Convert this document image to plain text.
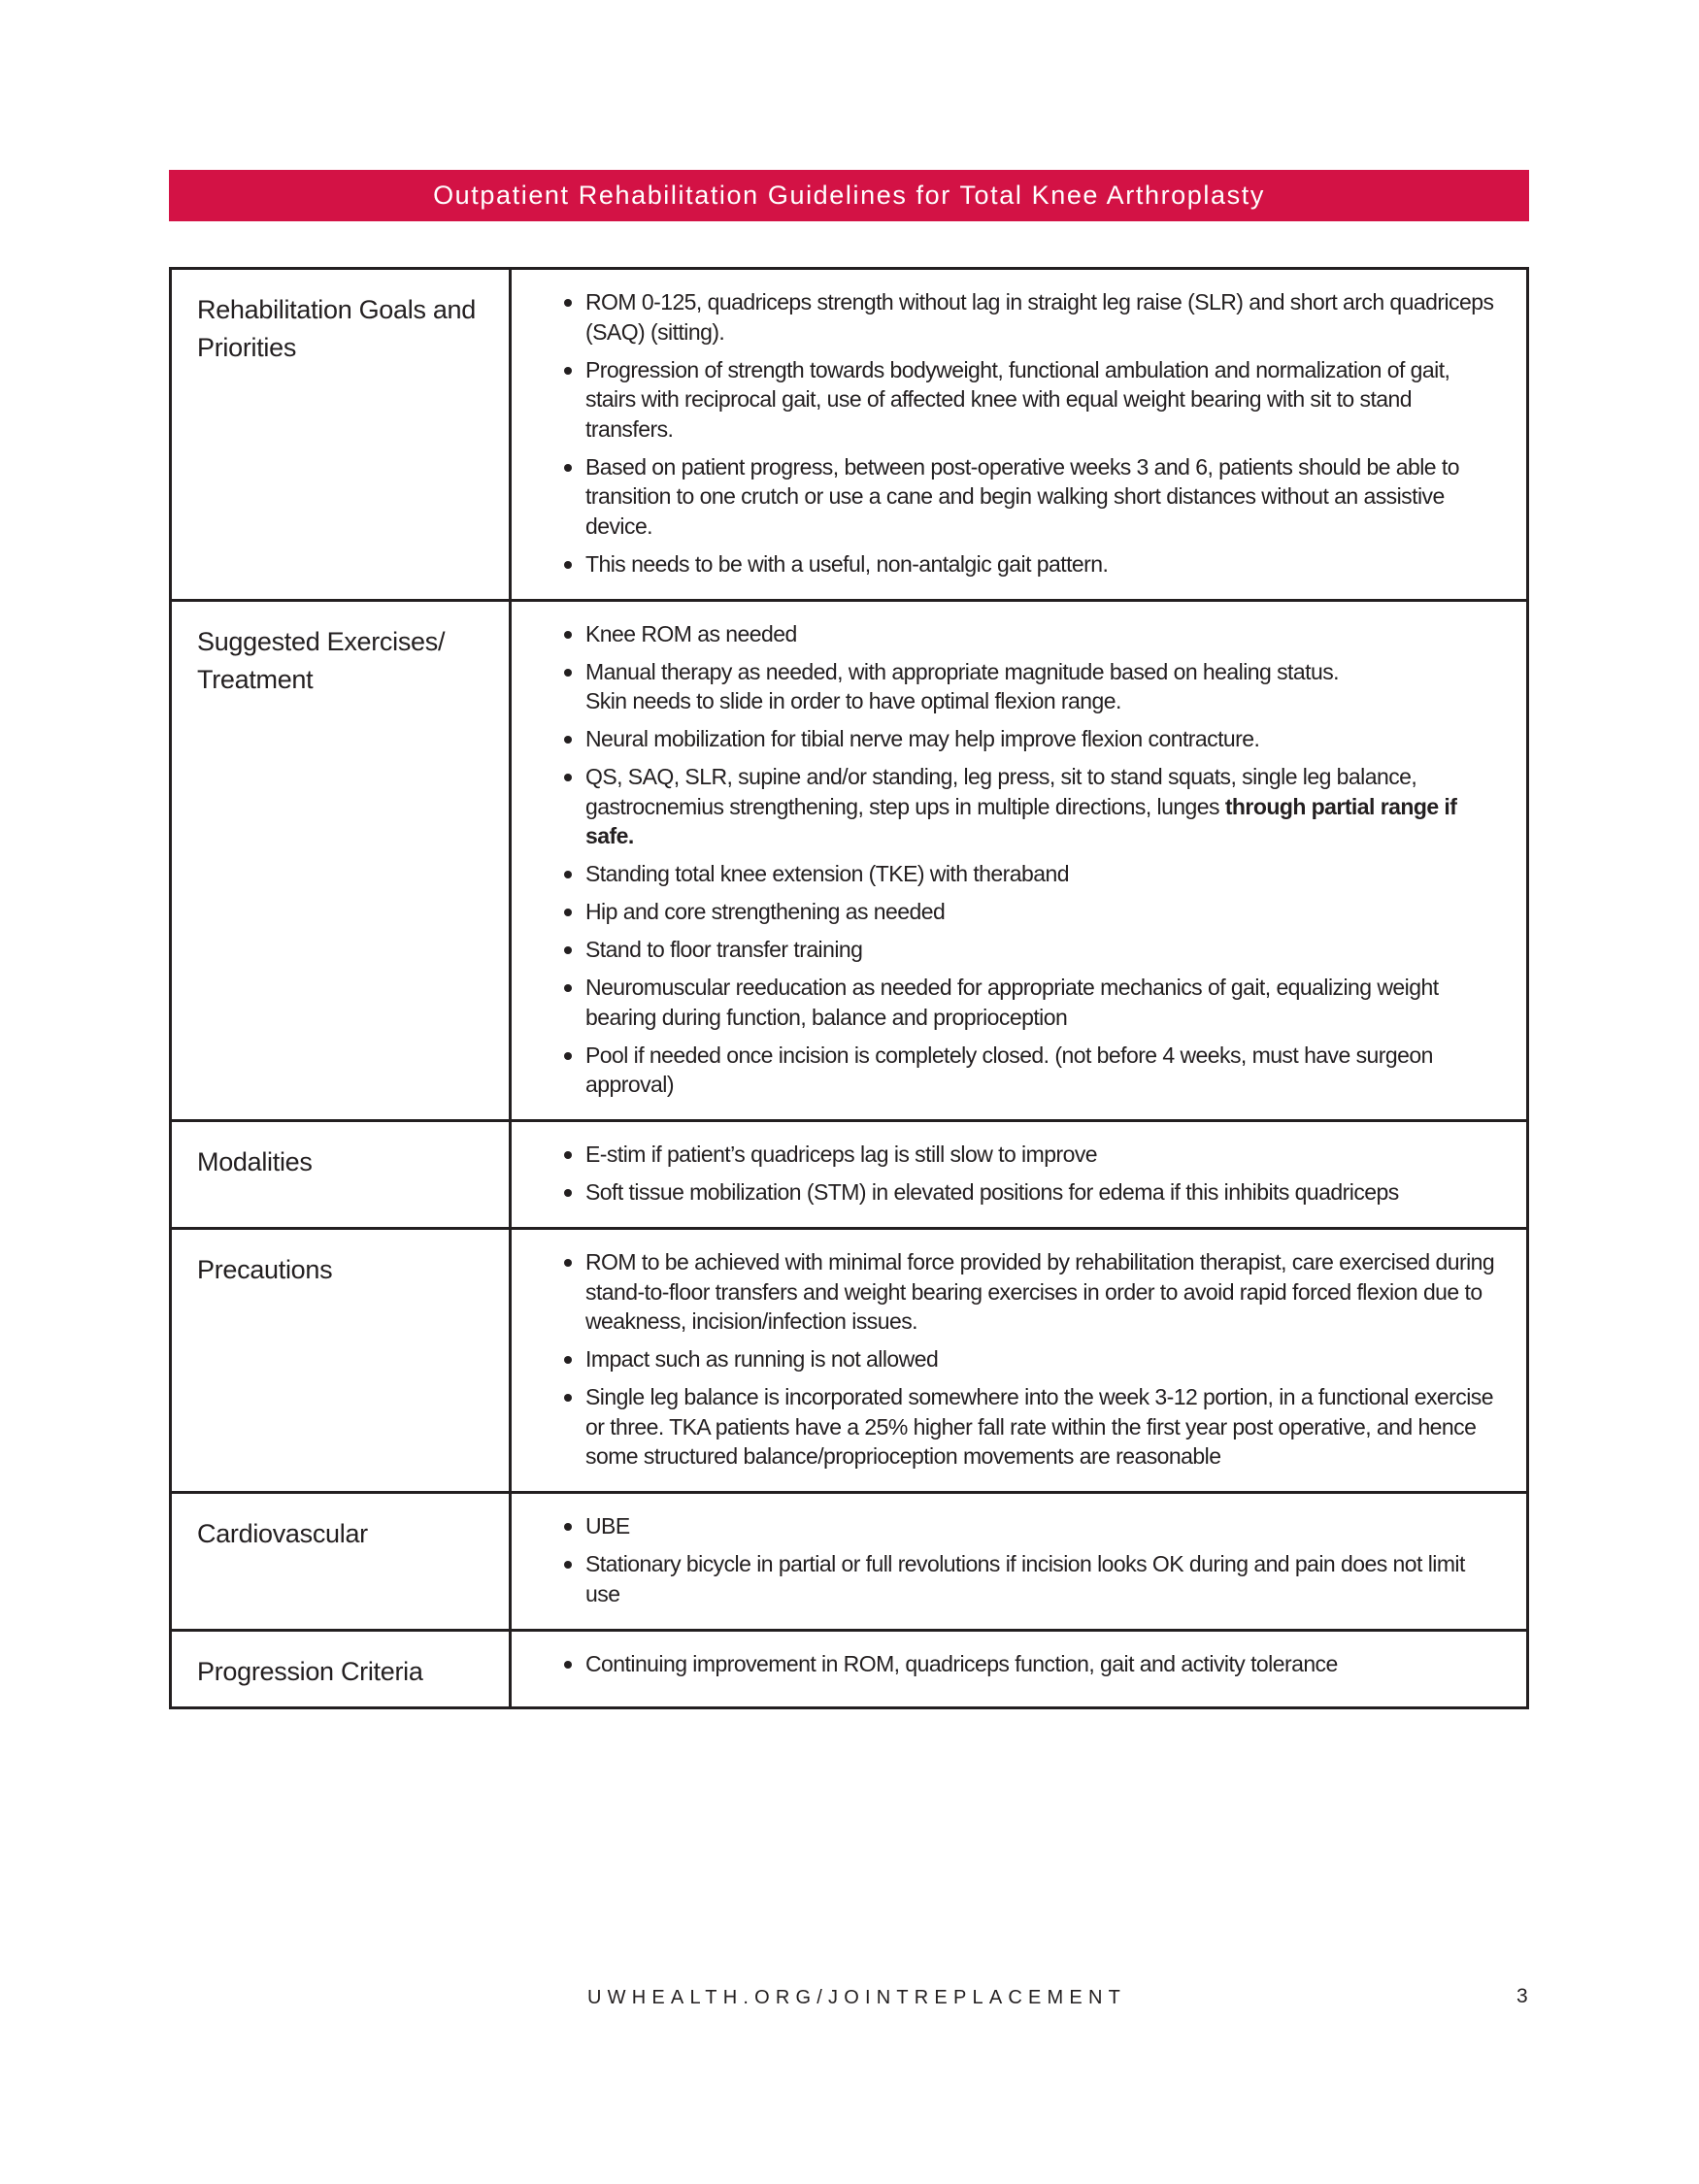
Outpatient Rehabilitation Guidelines for Total Knee Arthroplasty
Rehabilitation Goals and Priorities	
ROM 0-125, quadriceps strength without lag in straight leg raise (SLR) and short arch quadriceps (SAQ) (sitting).
Progression of strength towards bodyweight, functional ambulation and normalization of gait, stairs with reciprocal gait, use of affected knee with equal weight bearing with sit to stand transfers.
Based on patient progress, between post-operative weeks 3 and 6, patients should be able to transition to one crutch or use a cane and begin walking short distances without an assistive device.
This needs to be with a useful, non-antalgic gait pattern.

Suggested Exercises/ Treatment	
Knee ROM as needed
Manual therapy as needed, with appropriate magnitude based on healing status.
Skin needs to slide in order to have optimal flexion range.
Neural mobilization for tibial nerve may help improve flexion contracture.
QS, SAQ, SLR, supine and/or standing, leg press, sit to stand squats, single leg balance, gastrocnemius strengthening, step ups in multiple directions, lunges through partial range if safe.
Standing total knee extension (TKE) with theraband
Hip and core strengthening as needed
Stand to floor transfer training
Neuromuscular reeducation as needed for appropriate mechanics of gait, equalizing weight bearing during function, balance and proprioception
Pool if needed once incision is completely closed. (not before 4 weeks, must have surgeon approval)

Modalities	E-stim if patient’s quadriceps lag is still slow to improve
Soft tissue mobilization (STM) in elevated positions for edema if this inhibits quadriceps

Precautions	ROM to be achieved with minimal force provided by rehabilitation therapist, care exercised during stand-to-floor transfers and weight bearing exercises in order to avoid rapid forced flexion due to weakness, incision/infection issues.
Impact such as running is not allowed
Single leg balance is incorporated somewhere into the week 3-12 portion, in a functional exercise or three. TKA patients have a 25% higher fall rate within the first year post operative, and hence some structured balance/proprioception movements are reasonable

Cardiovascular	UBE
Stationary bicycle in partial or full revolutions if incision looks OK during and pain does not limit use

Progression Criteria	Continuing improvement in ROM, quadriceps function, gait and activity tolerance
UWHEALTH.ORG/JOINTREPLACEMENT	3
